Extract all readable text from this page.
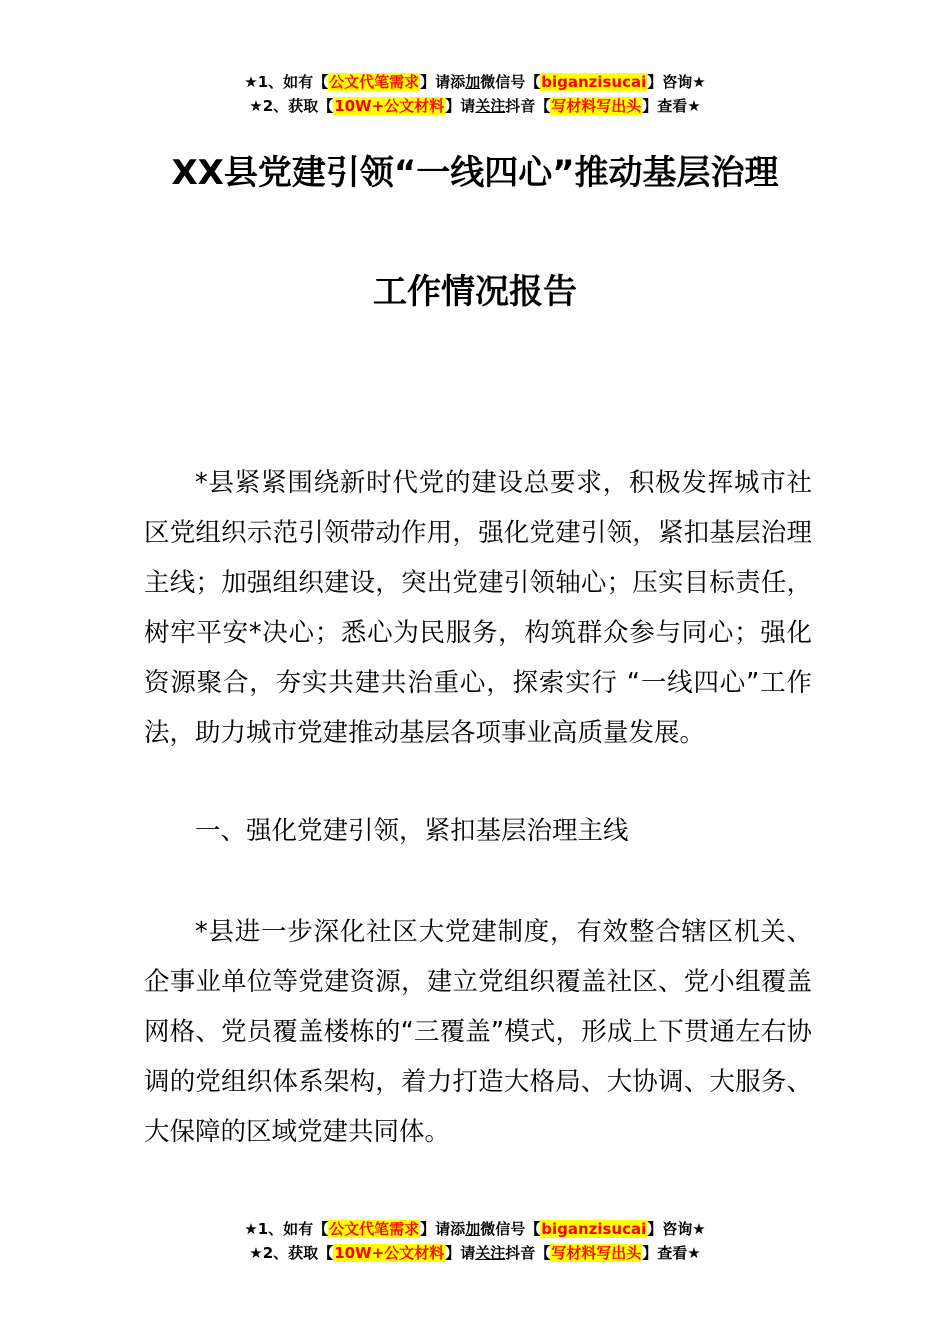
★1、如有【公文代笔需求】请添加微信号【biganzisucai】咨询★
★2、获取【10W+公文材料】请关注抖音【写材料写出头】查看★
XX县党建引领“一线四心”推动基层治理
工作情况报告
*县紧紧围绕新时代党的建设总要求，积极发挥城市社区党组织示范引领带动作用，强化党建引领，紧扣基层治理主线；加强组织建设，突出党建引领轴心；压实目标责任，树牢平安*决心；悉心为民服务，构筑群众参与同心；强化资源聚合，夯实共建共治重心，探索实行 “一线四心”工作法，助力城市党建推动基层各项事业高质量发展。
一、强化党建引领，紧扣基层治理主线
*县进一步深化社区大党建制度，有效整合辖区机关、企事业单位等党建资源，建立党组织覆盖社区、党小组覆盖网格、党员覆盖楼栋的“三覆盖”模式，形成上下贯通左右协调的党组织体系架构，着力打造大格局、大协调、大服务、大保障的区域党建共同体。
★1、如有【公文代笔需求】请添加微信号【biganzisucai】咨询★
★2、获取【10W+公文材料】请关注抖音【写材料写出头】查看★
